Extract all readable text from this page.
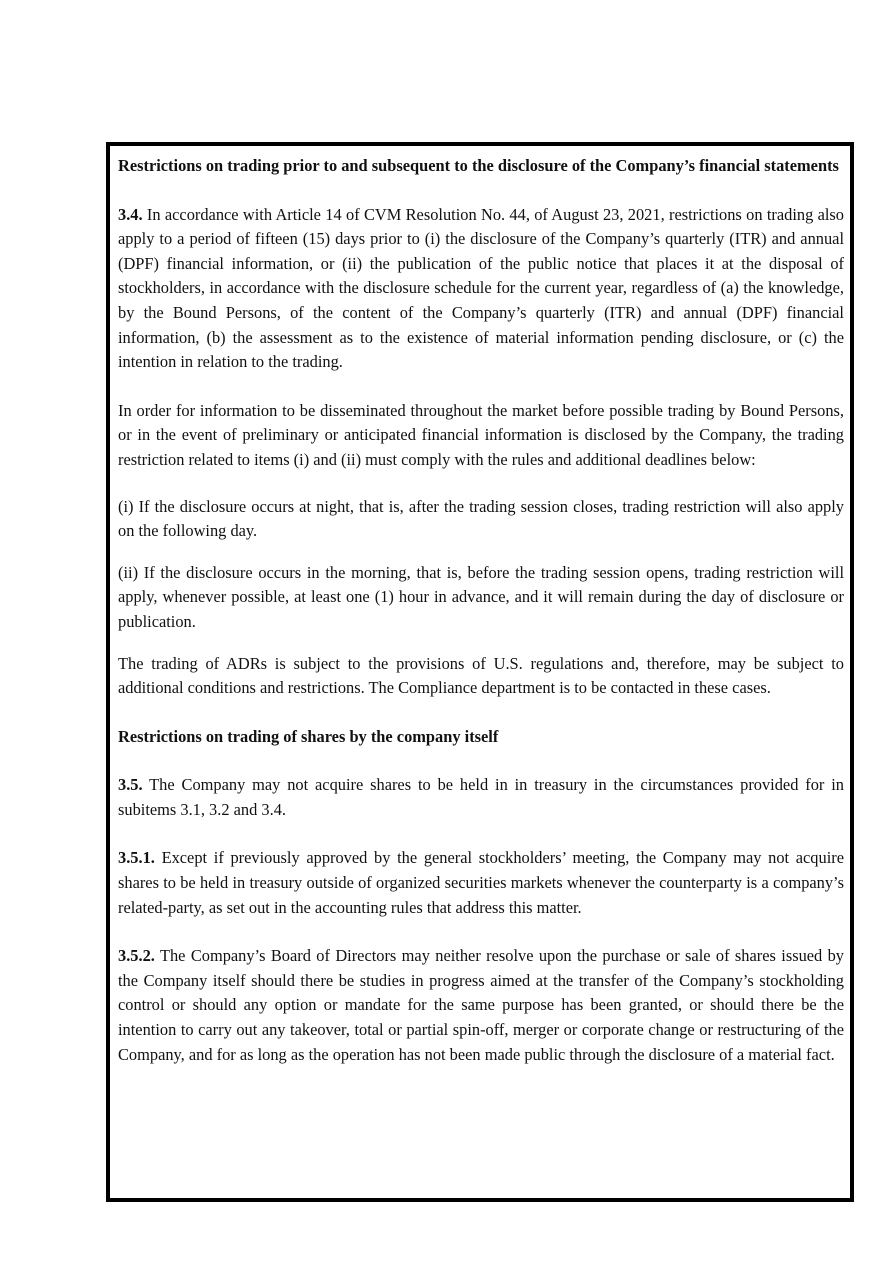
Restrictions on trading prior to and subsequent to the disclosure of the Company’s financial statements

3.4. In accordance with Article 14 of CVM Resolution No. 44, of August 23, 2021, restrictions on trading also apply to a period of fifteen (15) days prior to (i) the disclosure of the Company’s quarterly (ITR) and annual (DPF) financial information, or (ii) the publication of the public notice that places it at the disposal of stockholders, in accordance with the disclosure schedule for the current year, regardless of (a) the knowledge, by the Bound Persons, of the content of the Company’s quarterly (ITR) and annual (DPF) financial information, (b) the assessment as to the existence of material information pending disclosure, or (c) the intention in relation to the trading.

In order for information to be disseminated throughout the market before possible trading by Bound Persons, or in the event of preliminary or anticipated financial information is disclosed by the Company, the trading restriction related to items (i) and (ii) must comply with the rules and additional deadlines below:

(i) If the disclosure occurs at night, that is, after the trading session closes, trading restriction will also apply on the following day.

(ii) If the disclosure occurs in the morning, that is, before the trading session opens, trading restriction will apply, whenever possible, at least one (1) hour in advance, and it will remain during the day of disclosure or publication.

The trading of ADRs is subject to the provisions of U.S. regulations and, therefore, may be subject to additional conditions and restrictions. The Compliance department is to be contacted in these cases.

Restrictions on trading of shares by the company itself

3.5. The Company may not acquire shares to be held in in treasury in the circumstances provided for in subitems 3.1, 3.2 and 3.4.

3.5.1. Except if previously approved by the general stockholders’ meeting, the Company may not acquire shares to be held in treasury outside of organized securities markets whenever the counterparty is a company’s related-party, as set out in the accounting rules that address this matter.

3.5.2. The Company’s Board of Directors may neither resolve upon the purchase or sale of shares issued by the Company itself should there be studies in progress aimed at the transfer of the Company’s stockholding control or should any option or mandate for the same purpose has been granted, or should there be the intention to carry out any takeover, total or partial spin-off, merger or corporate change or restructuring of the Company, and for as long as the operation has not been made public through the disclosure of a material fact.
